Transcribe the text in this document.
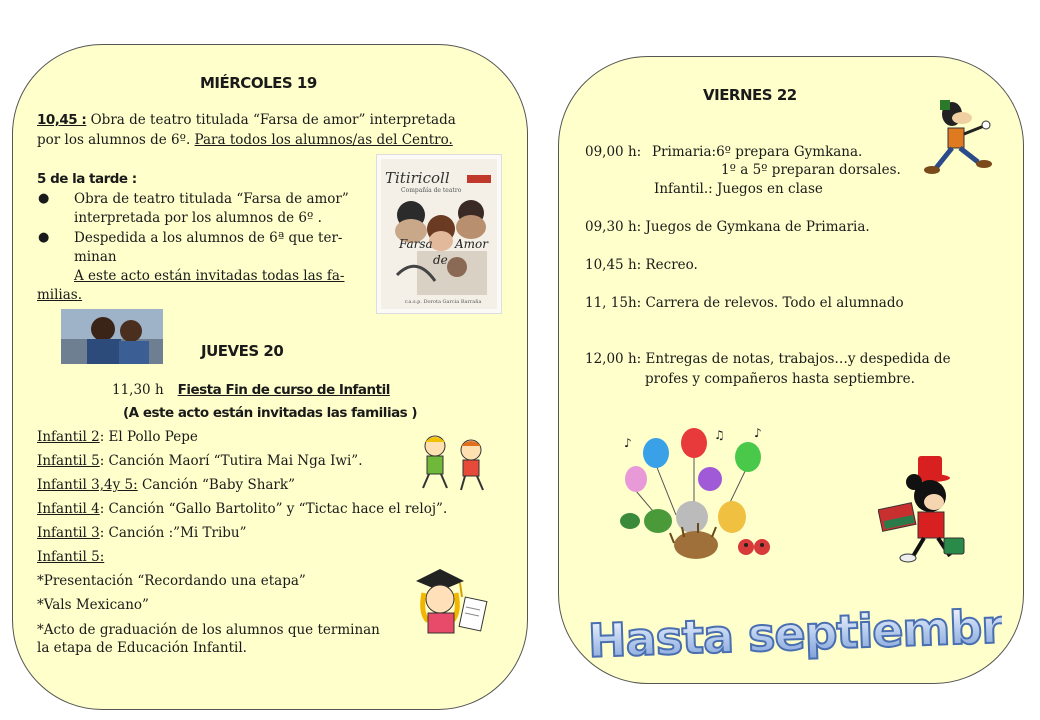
MIÉRCOLES 19
10,45 : Obra de teatro titulada “Farsa de amor” interpretada
por los alumnos de 6º. Para todos los alumnos/as del Centro.
5 de la tarde :
● Obra de teatro titulada “Farsa de amor”
interpretada por los alumnos de 6º .
● Despedida a los alumnos de 6ª que ter-
minan
A este acto están invitadas todas las fa-
milias.
Titiricoll
Compañía de teatro
Farsa
de
Amor
r.a.s.p. Dorota Garcia Barraña
JUEVES 20
11,30 h Fiesta Fin de curso de Infantil
(A este acto están invitadas las familias )
Infantil 2: El Pollo Pepe
Infantil 5: Canción Maorí “Tutira Mai Nga Iwi”.
Infantil 3,4y 5: Canción “Baby Shark”
Infantil 4: Canción “Gallo Bartolito” y “Tictac hace el reloj”.
Infantil 3: Canción :”Mi Tribu”
Infantil 5:
*Presentación “Recordando una etapa”
*Vals Mexicano”
*Acto de graduación de los alumnos que terminan
la etapa de Educación Infantil.
VIERNES 22
09,00 h: Primaria:6º prepara Gymkana.
1º a 5º preparan dorsales.
Infantil.: Juegos en clase
09,30 h: Juegos de Gymkana de Primaria.
10,45 h: Recreo.
11, 15h: Carrera de relevos. Todo el alumnado
12,00 h: Entregas de notas, trabajos…y despedida de
profes y compañeros hasta septiembre.
♪
♫ ♪
Hasta septiembre
